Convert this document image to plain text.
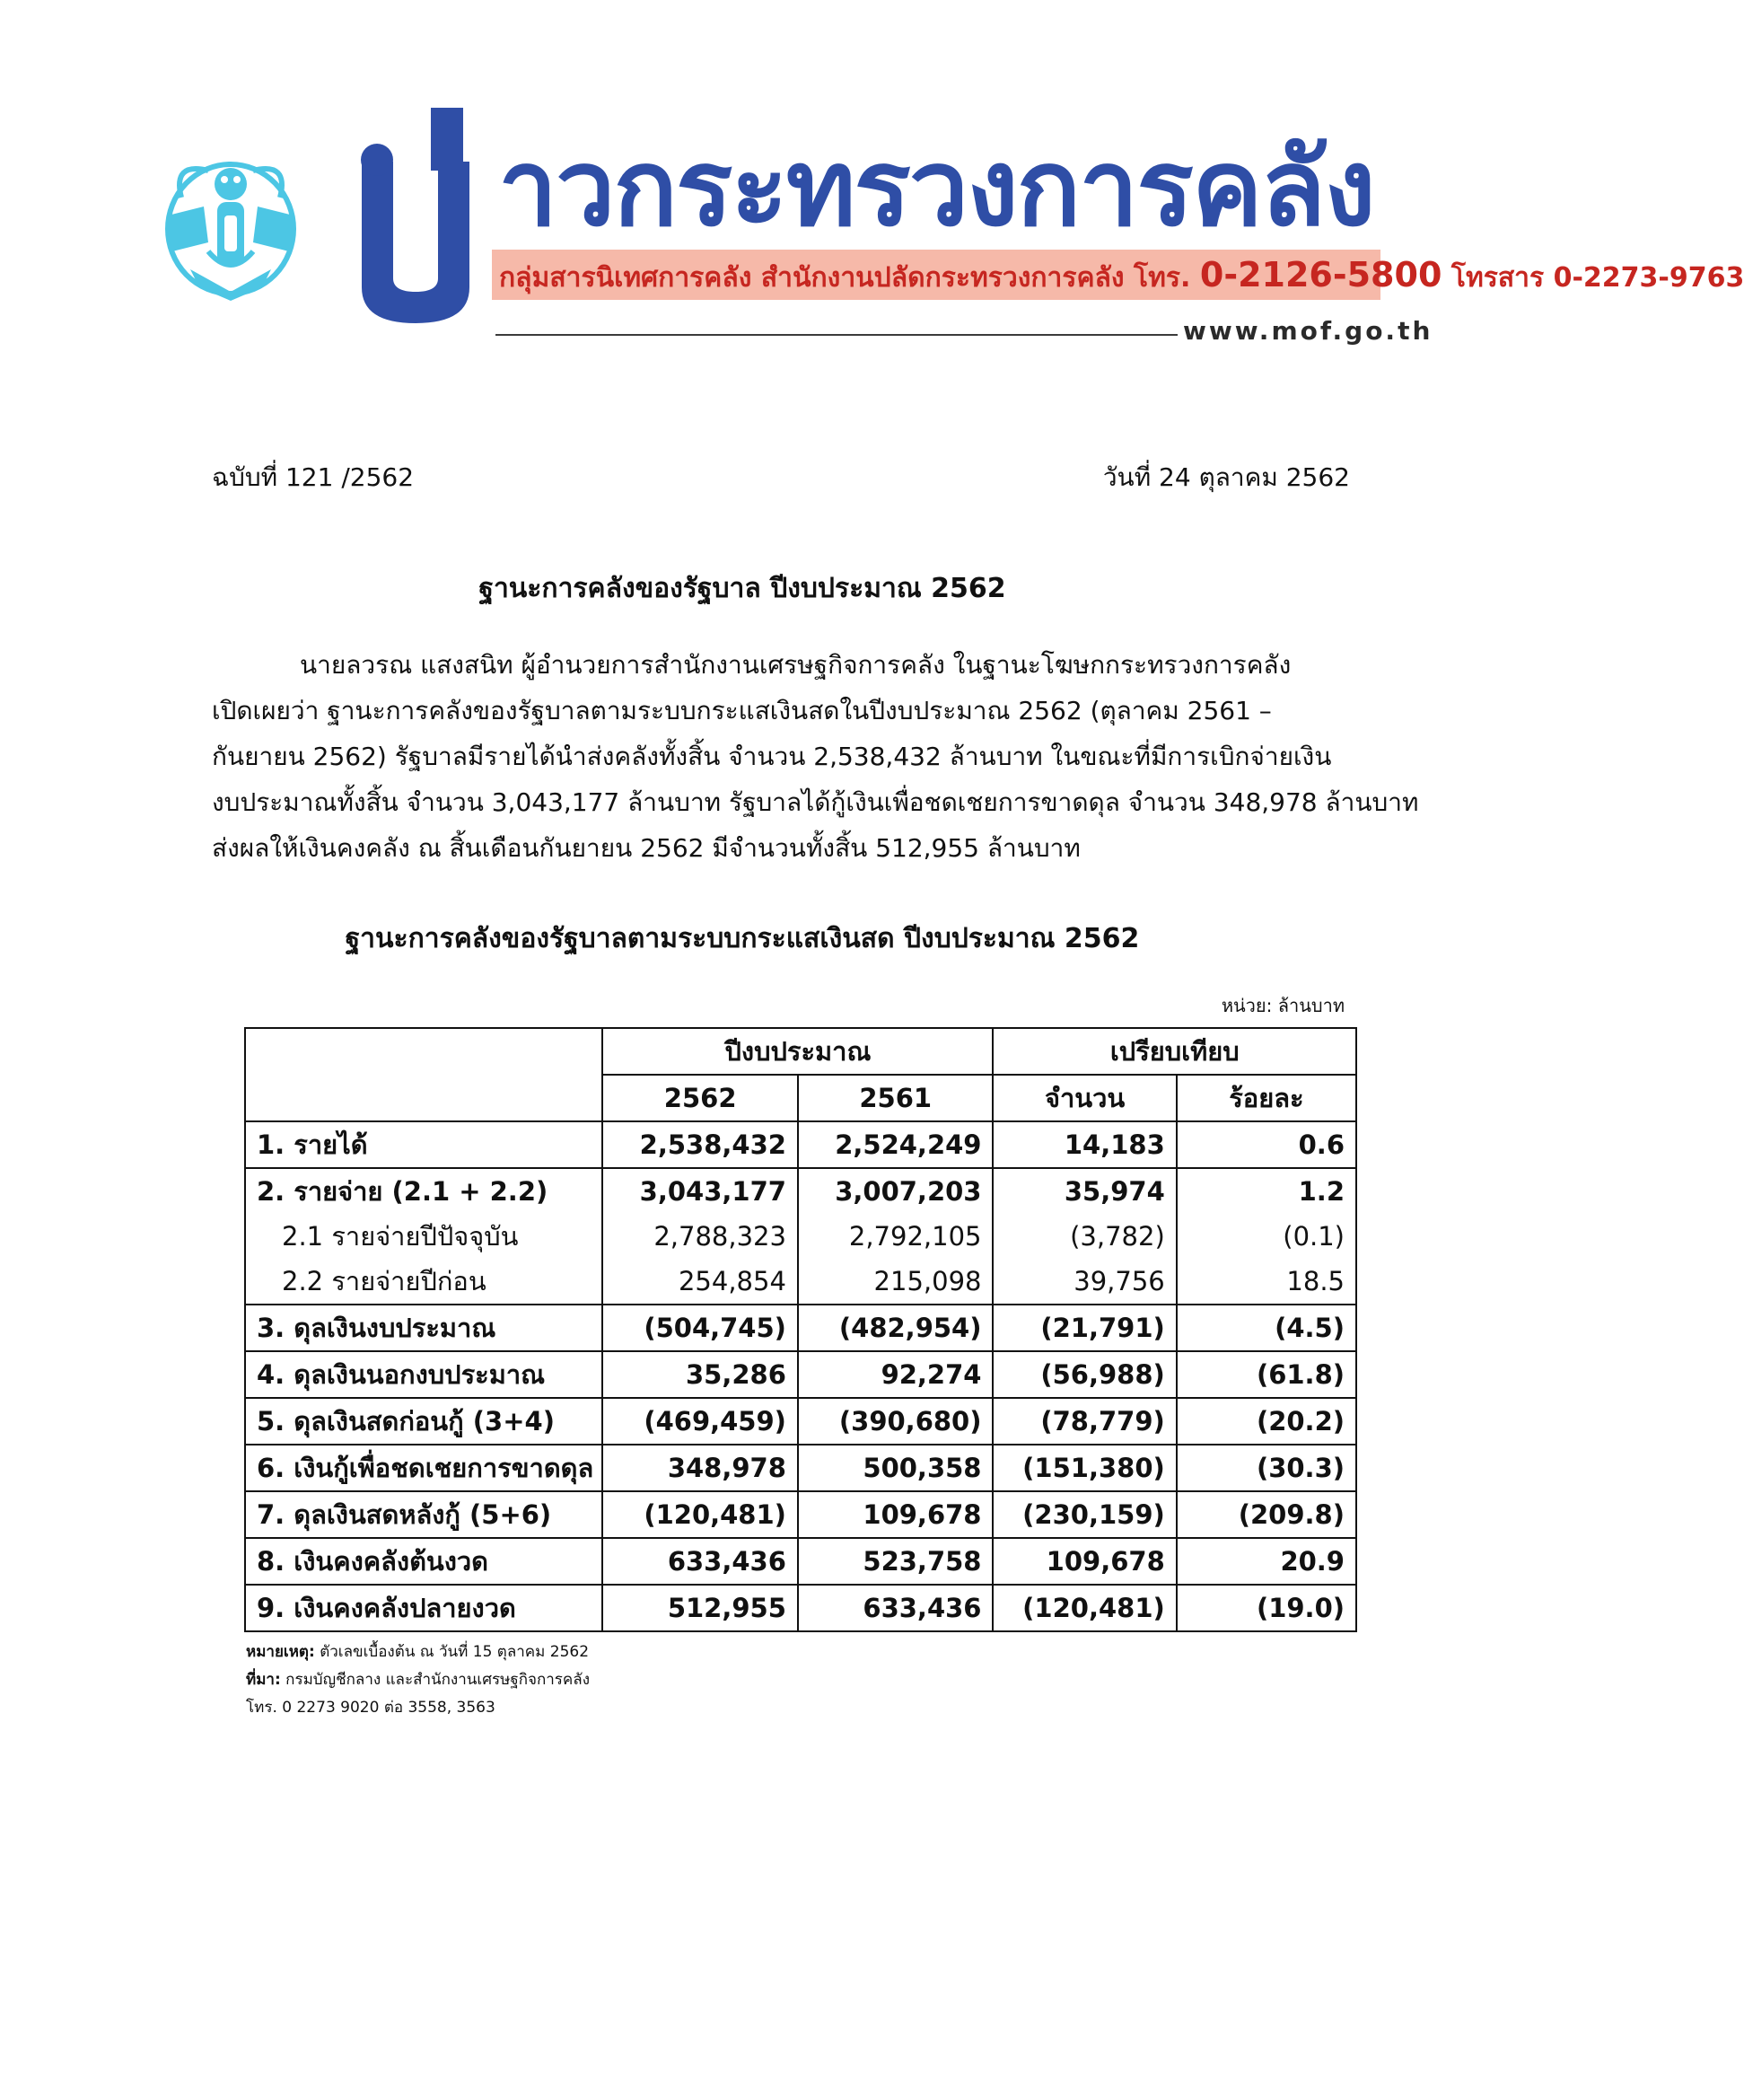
าวกระทรวงการคลัง
กลุ่มสารนิเทศการคลัง สำนักงานปลัดกระทรวงการคลัง โทร. 0-2126-5800 โทรสาร 0-2273-9763
www.mof.go.th
ฉบับที่ 121 /2562	วันที่ 24 ตุลาคม 2562
ฐานะการคลังของรัฐบาล ปีงบประมาณ 2562
นายลวรณ แสงสนิท ผู้อำนวยการสำนักงานเศรษฐกิจการคลัง ในฐานะโฆษกกระทรวงการคลัง
เปิดเผยว่า ฐานะการคลังของรัฐบาลตามระบบกระแสเงินสดในปีงบประมาณ 2562 (ตุลาคม 2561 –
กันยายน 2562) รัฐบาลมีรายได้นำส่งคลังทั้งสิ้น จำนวน 2,538,432 ล้านบาท ในขณะที่มีการเบิกจ่ายเงิน
งบประมาณทั้งสิ้น จำนวน 3,043,177 ล้านบาท รัฐบาลได้กู้เงินเพื่อชดเชยการขาดดุล จำนวน 348,978 ล้านบาท
ส่งผลให้เงินคงคลัง ณ สิ้นเดือนกันยายน 2562 มีจำนวนทั้งสิ้น 512,955 ล้านบาท
ฐานะการคลังของรัฐบาลตามระบบกระแสเงินสด ปีงบประมาณ 2562
หน่วย: ล้านบาท
	ปีงบประมาณ		เปรียบเทียบ	
	2562	2561	จำนวน	ร้อยละ
1. รายได้	2,538,432	2,524,249	14,183	0.6
2. รายจ่าย (2.1 + 2.2)	3,043,177	3,007,203	35,974	1.2
2.1 รายจ่ายปีปัจจุบัน	2,788,323	2,792,105	(3,782)	(0.1)
2.2 รายจ่ายปีก่อน	254,854	215,098	39,756	18.5
3. ดุลเงินงบประมาณ	(504,745)	(482,954)	(21,791)	(4.5)
4. ดุลเงินนอกงบประมาณ	35,286	92,274	(56,988)	(61.8)
5. ดุลเงินสดก่อนกู้ (3+4)	(469,459)	(390,680)	(78,779)	(20.2)
6. เงินกู้เพื่อชดเชยการขาดดุล	348,978	500,358	(151,380)	(30.3)
7. ดุลเงินสดหลังกู้ (5+6)	(120,481)	109,678	(230,159)	(209.8)
8. เงินคงคลังต้นงวด	633,436	523,758	109,678	20.9
9. เงินคงคลังปลายงวด	512,955	633,436	(120,481)	(19.0)
หมายเหตุ: ตัวเลขเบื้องต้น ณ วันที่ 15 ตุลาคม 2562
ที่มา: กรมบัญชีกลาง และสำนักงานเศรษฐกิจการคลัง
โทร. 0 2273 9020 ต่อ 3558, 3563
